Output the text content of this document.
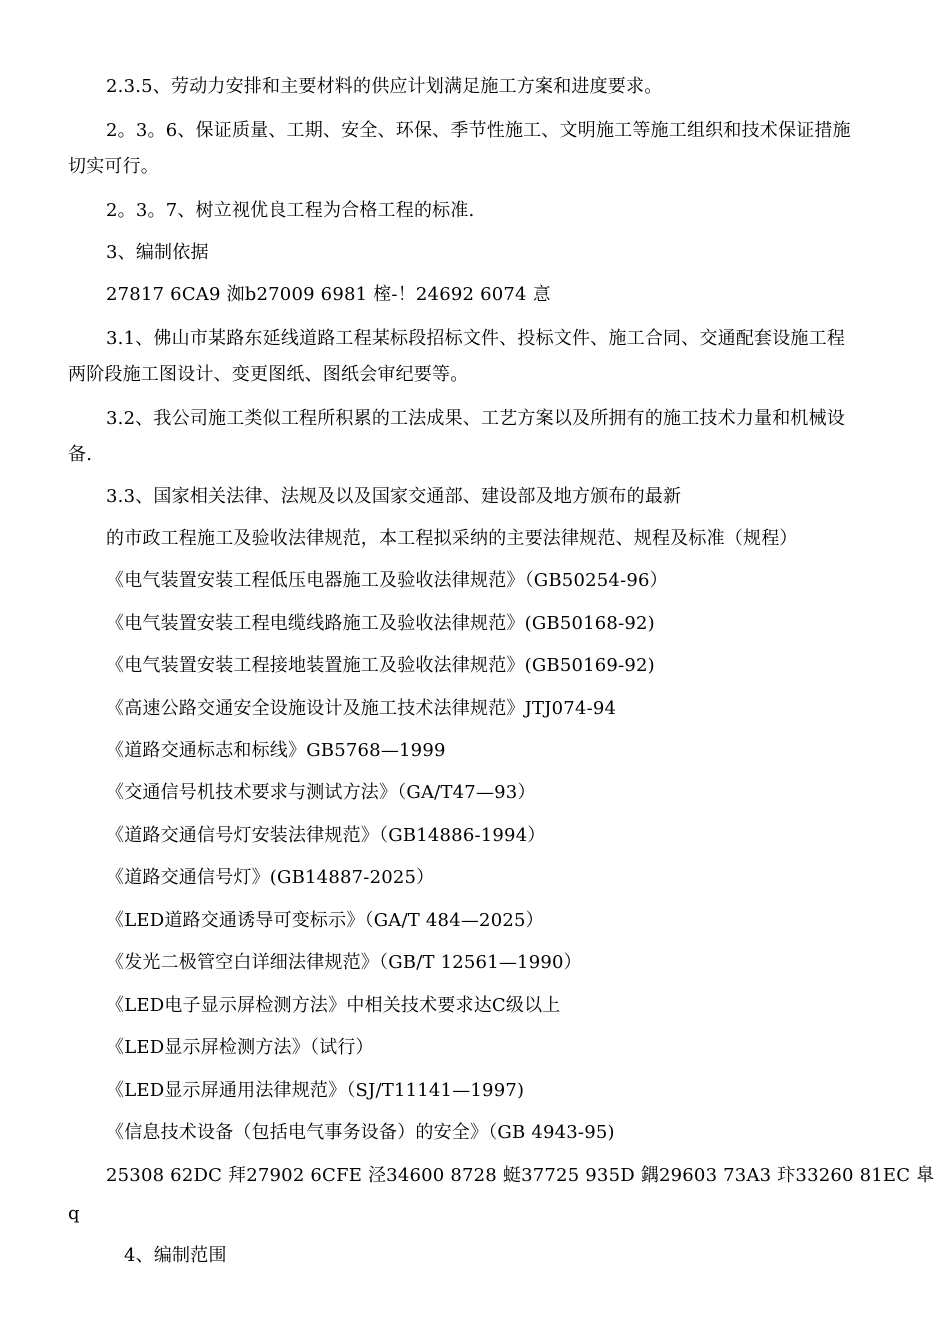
2.3.5、劳动力安排和主要材料的供应计划满足施工方案和进度要求。
2。3。6、保证质量、工期、安全、环保、季节性施工、文明施工等施工组织和技术保证措施
切实可行。
2。3。7、树立视优良工程为合格工程的标准.
3、编制依据
27817 6CA9 洳b27009 6981 榁-！24692 6074 悥
3.1、佛山市某路东延线道路工程某标段招标文件、投标文件、施工合同、交通配套设施工程
两阶段施工图设计、变更图纸、图纸会审纪要等。
3.2、我公司施工类似工程所积累的工法成果、工艺方案以及所拥有的施工技术力量和机械设
备.
3.3、国家相关法律、法规及以及国家交通部、建设部及地方颁布的最新
的市政工程施工及验收法律规范，本工程拟采纳的主要法律规范、规程及标准（规程）
《电气装置安装工程低压电器施工及验收法律规范》（GB50254-96）
《电气装置安装工程电缆线路施工及验收法律规范》(GB50168-92)
《电气装置安装工程接地装置施工及验收法律规范》(GB50169-92)
《高速公路交通安全设施设计及施工技术法律规范》JTJ074-94
《道路交通标志和标线》GB5768—1999
《交通信号机技术要求与测试方法》（GA/T47—93）
《道路交通信号灯安装法律规范》（GB14886-1994）
《道路交通信号灯》(GB14887-2025）
《LED道路交通诱导可变标示》（GA/T 484—2025）
《发光二极管空白详细法律规范》（GB/T 12561—1990）
《LED电子显示屏检测方法》中相关技术要求达C级以上
《LED显示屏检测方法》（试行）
《LED显示屏通用法律规范》（SJ/T11141—1997)
《信息技术设备（包括电气事务设备）的安全》（GB 4943-95)
25308 62DC 拜27902 6CFE 泾34600 8728 蜓37725 935D 鍝29603 73A3 玣33260 81EC 臯
q
4、编制范围
